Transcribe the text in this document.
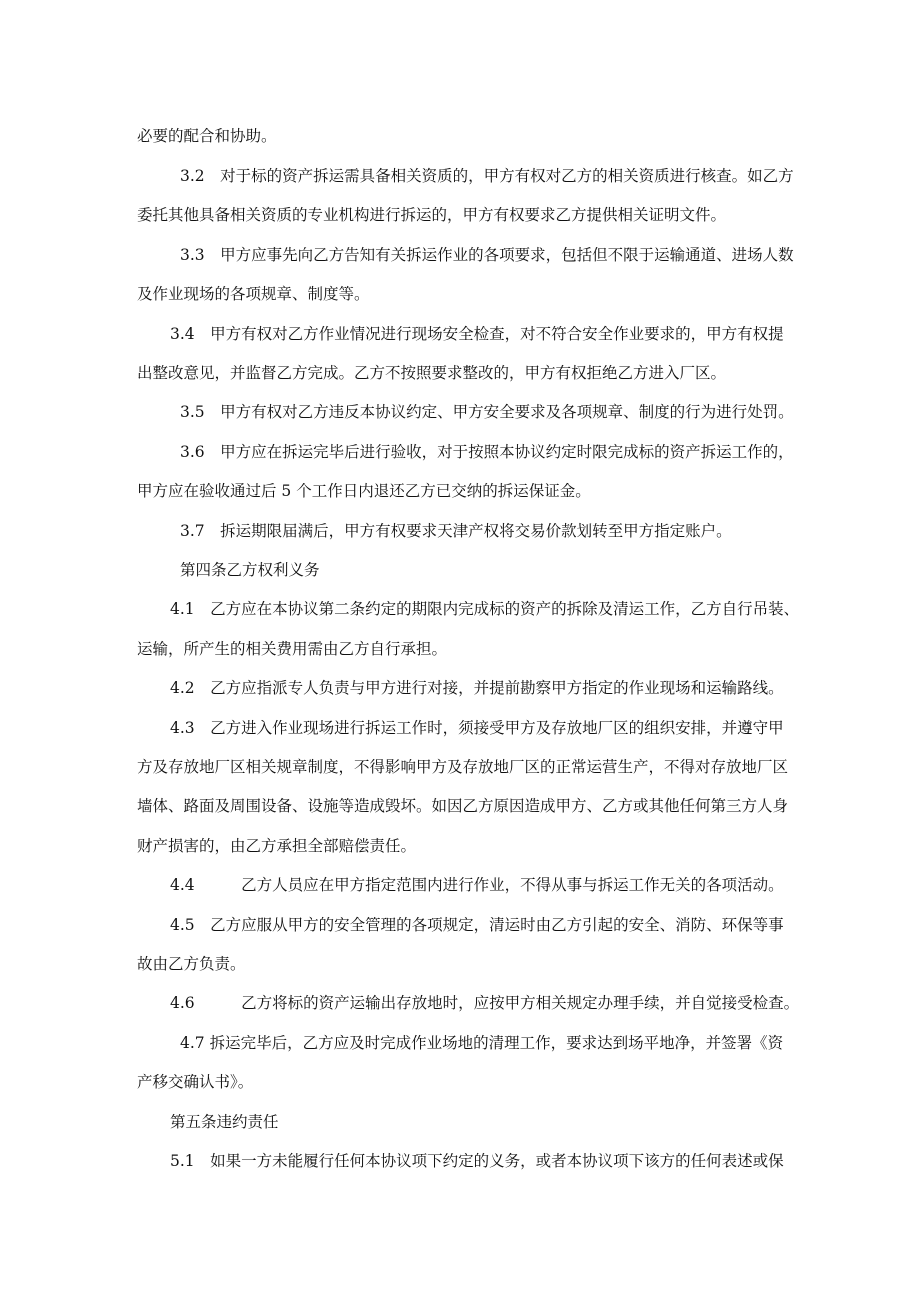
必要的配合和协助。
3.2　对于标的资产拆运需具备相关资质的，甲方有权对乙方的相关资质进行核查。如乙方
委托其他具备相关资质的专业机构进行拆运的，甲方有权要求乙方提供相关证明文件。
3.3　甲方应事先向乙方告知有关拆运作业的各项要求，包括但不限于运输通道、进场人数
及作业现场的各项规章、制度等。
3.4　甲方有权对乙方作业情况进行现场安全检查，对不符合安全作业要求的，甲方有权提
出整改意见，并监督乙方完成。乙方不按照要求整改的，甲方有权拒绝乙方进入厂区。
3.5　甲方有权对乙方违反本协议约定、甲方安全要求及各项规章、制度的行为进行处罚。
3.6　甲方应在拆运完毕后进行验收，对于按照本协议约定时限完成标的资产拆运工作的，
甲方应在验收通过后 5 个工作日内退还乙方已交纳的拆运保证金。
3.7　拆运期限届满后，甲方有权要求天津产权将交易价款划转至甲方指定账户。
第四条乙方权利义务
4.1　乙方应在本协议第二条约定的期限内完成标的资产的拆除及清运工作，乙方自行吊装、
运输，所产生的相关费用需由乙方自行承担。
4.2　乙方应指派专人负责与甲方进行对接，并提前勘察甲方指定的作业现场和运输路线。
4.3　乙方进入作业现场进行拆运工作时，须接受甲方及存放地厂区的组织安排，并遵守甲
方及存放地厂区相关规章制度，不得影响甲方及存放地厂区的正常运营生产，不得对存放地厂区
墙体、路面及周围设备、设施等造成毁坏。如因乙方原因造成甲方、乙方或其他任何第三方人身
财产损害的，由乙方承担全部赔偿责任。
4.4　　　乙方人员应在甲方指定范围内进行作业，不得从事与拆运工作无关的各项活动。
4.5　乙方应服从甲方的安全管理的各项规定，清运时由乙方引起的安全、消防、环保等事
故由乙方负责。
4.6　　　乙方将标的资产运输出存放地时，应按甲方相关规定办理手续，并自觉接受检查。
4.7 拆运完毕后，乙方应及时完成作业场地的清理工作，要求达到场平地净，并签署《资
产移交确认书》。
第五条违约责任
5.1　如果一方未能履行任何本协议项下约定的义务，或者本协议项下该方的任何表述或保
